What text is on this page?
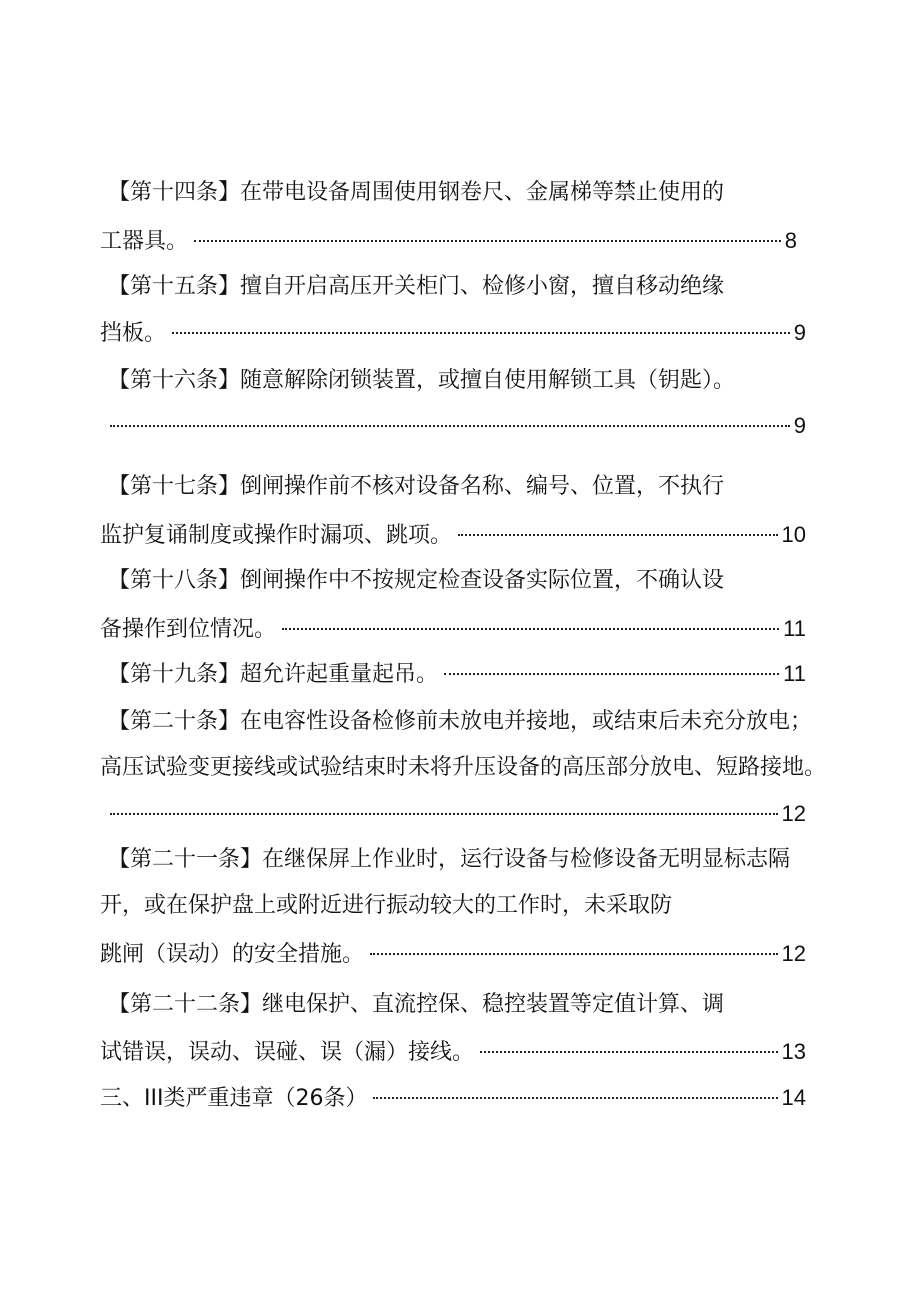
【第十四条】在带电设备周围使用钢卷尺、金属梯等禁止使用的
工器具。	8
【第十五条】擅自开启高压开关柜门、检修小窗，擅自移动绝缘
挡板。	9
【第十六条】随意解除闭锁装置，或擅自使用解锁工具（钥匙）。
9
【第十七条】倒闸操作前不核对设备名称、编号、位置，不执行
监护复诵制度或操作时漏项、跳项。	10
【第十八条】倒闸操作中不按规定检查设备实际位置，不确认设
备操作到位情况。	11
【第十九条】超允许起重量起吊。	11
【第二十条】在电容性设备检修前未放电并接地，或结束后未充分放电；
高压试验变更接线或试验结束时未将升压设备的高压部分放电、短路接地。
12
【第二十一条】在继保屏上作业时，运行设备与检修设备无明显标志隔
开，或在保护盘上或附近进行振动较大的工作时，未采取防
跳闸（误动）的安全措施。	12
【第二十二条】继电保护、直流控保、稳控装置等定值计算、调
试错误，误动、误碰、误（漏）接线。	13
三、III类严重违章（26条）	14
